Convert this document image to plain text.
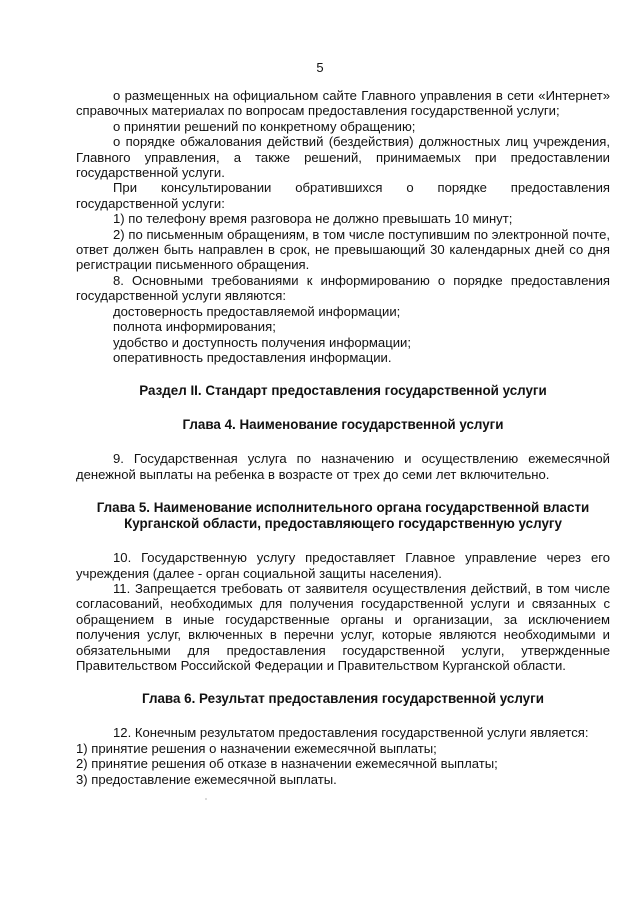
5

о размещенных на официальном сайте Главного управления в сети «Интернет» справочных материалах по вопросам предоставления государственной услуги;

о принятии решений по конкретному обращению;

о порядке обжалования действий (бездействия) должностных лиц учреждения, Главного управления, а также решений, принимаемых при предоставлении государственной услуги.

При консультировании обратившихся о порядке предоставления государственной услуги:

1) по телефону время разговора не должно превышать 10 минут;

2) по письменным обращениям, в том числе поступившим по электронной почте, ответ должен быть направлен в срок, не превышающий 30 календарных дней со дня регистрации письменного обращения.

8. Основными требованиями к информированию о порядке предоставления государственной услуги являются:

достоверность предоставляемой информации;

полнота информирования;

удобство и доступность получения информации;

оперативность предоставления информации.

Раздел II. Стандарт предоставления государственной услуги
Глава 4. Наименование государственной услуги

9. Государственная услуга по назначению и осуществлению ежемесячной денежной выплаты на ребенка в возрасте от трех до семи лет включительно.

Глава 5. Наименование исполнительного органа государственной власти
Курганской области, предоставляющего государственную услугу

10. Государственную услугу предоставляет Главное управление через его учреждения (далее - орган социальной защиты населения).

11. Запрещается требовать от заявителя осуществления действий, в том числе согласований, необходимых для получения государственной услуги и связанных с обращением в иные государственные органы и организации, за исключением получения услуг, включенных в перечни услуг, которые являются необходимыми и обязательными для предоставления государственной услуги, утвержденные Правительством Российской Федерации и Правительством Курганской области.

Глава 6. Результат предоставления государственной услуги

12. Конечным результатом предоставления государственной услуги является:

1) принятие решения о назначении ежемесячной выплаты;

2) принятие решения об отказе в назначении ежемесячной выплаты;

3) предоставление ежемесячной выплаты.
